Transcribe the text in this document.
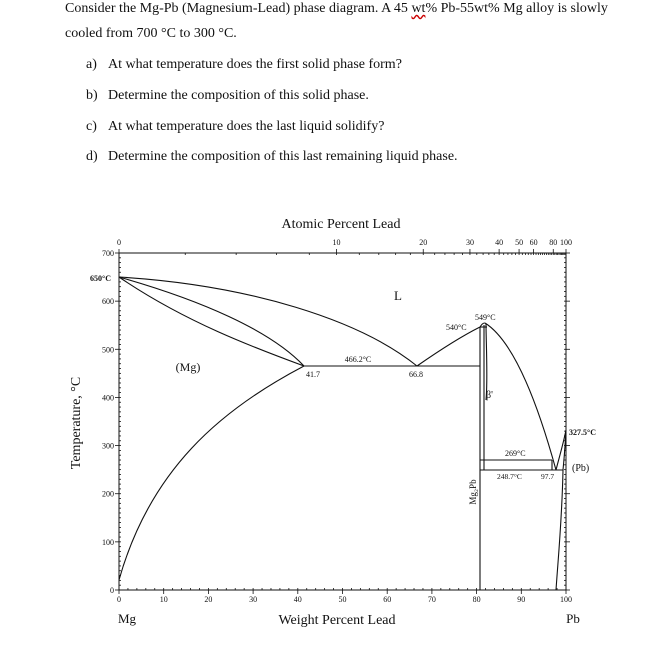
Consider the Mg-Pb (Magnesium-Lead) phase diagram. A 45 wt% Pb-55wt% Mg alloy is slowly
cooled from 700 °C to 300 °C.
a) At what temperature does the first solid phase form?
b) Determine the composition of this solid phase.
c) At what temperature does the last liquid solidify?
d) Determine the composition of this last remaining liquid phase.
Atomic Percent Lead
Weight Percent Lead
Temperature, °C
Mg	Pb
0
100
200
300
400
500
600
700
0	10	20	30	40	50	60	70	80	90	100
0	10	20	30	40 50 60 80 100
650°C
327.5°C
L
(Mg)
(Pb)
β'
Mg₂Pb
466.2°C
41.7	66.8
540°C
549°C
248.7°C	97.7
269°C
